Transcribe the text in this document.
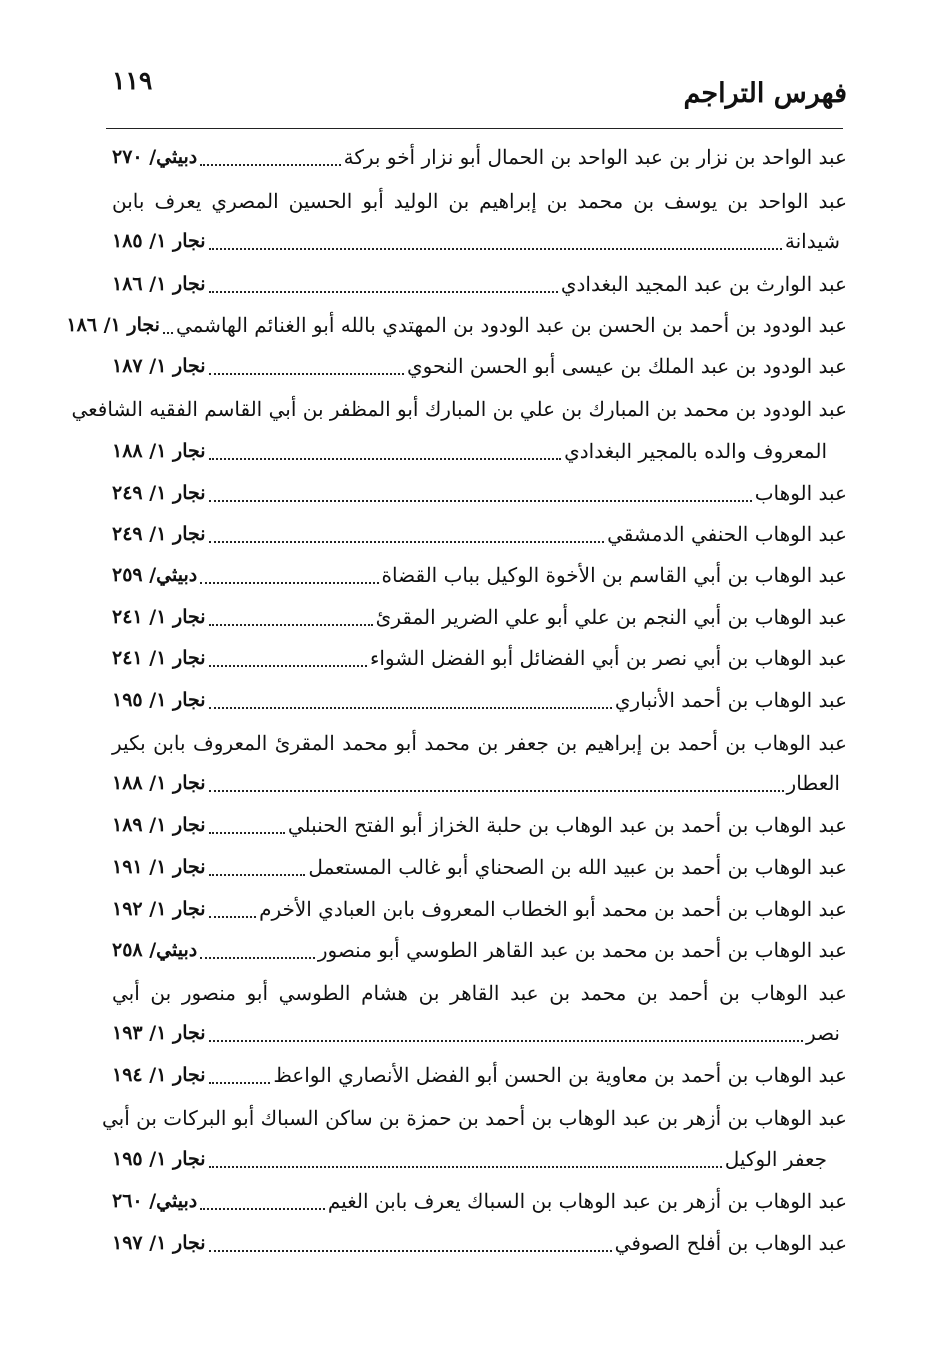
١١٩	فهرس التراجم
عبد الواحد بن نزار بن عبد الواحد بن الحمال أبو نزار أخو بركة
دبيثي/ ٢٧٠
عبد الواحد بن يوسف بن محمد بن إبراهيم بن الوليد أبو الحسين المصري يعرف بابن
شيدانة
نجار ١/ ١٨٥
عبد الوارث بن عبد المجيد البغدادي
نجار ١/ ١٨٦
عبد الودود بن أحمد بن الحسن بن عبد الودود بن المهتدي بالله أبو الغنائم الهاشمي
نجار ١/ ١٨٦
عبد الودود بن عبد الملك بن عيسى أبو الحسن النحوي
نجار ١/ ١٨٧
عبد الودود بن محمد بن المبارك بن علي بن المبارك أبو المظفر بن أبي القاسم الفقيه الشافعي
المعروف والده بالمجير البغدادي
نجار ١/ ١٨٨
عبد الوهاب
نجار ١/ ٢٤٩
عبد الوهاب الحنفي الدمشقي
نجار ١/ ٢٤٩
عبد الوهاب بن أبي القاسم بن الأخوة الوكيل بباب القضاة
دبيثي/ ٢٥٩
عبد الوهاب بن أبي النجم بن علي أبو علي الضرير المقرئ
نجار ١/ ٢٤١
عبد الوهاب بن أبي نصر بن أبي الفضائل أبو الفضل الشواء
نجار ١/ ٢٤١
عبد الوهاب بن أحمد الأنباري
نجار ١/ ١٩٥
عبد الوهاب بن أحمد بن إبراهيم بن جعفر بن محمد أبو محمد المقرئ المعروف بابن بكير
العطار
نجار ١/ ١٨٨
عبد الوهاب بن أحمد بن عبد الوهاب بن حلبة الخزاز أبو الفتح الحنبلي
نجار ١/ ١٨٩
عبد الوهاب بن أحمد بن عبيد الله بن الصحناي أبو غالب المستعمل
نجار ١/ ١٩١
عبد الوهاب بن أحمد بن محمد أبو الخطاب المعروف بابن العبادي الأخرم
نجار ١/ ١٩٢
عبد الوهاب بن أحمد بن محمد بن عبد القاهر الطوسي أبو منصور
دبيثي/ ٢٥٨
عبد الوهاب بن أحمد بن محمد بن عبد القاهر بن هشام الطوسي أبو منصور بن أبي
نصر
نجار ١/ ١٩٣
عبد الوهاب بن أحمد بن معاوية بن الحسن أبو الفضل الأنصاري الواعظ
نجار ١/ ١٩٤
عبد الوهاب بن أزهر بن عبد الوهاب بن أحمد بن حمزة بن ساكن السباك أبو البركات بن أبي
جعفر الوكيل
نجار ١/ ١٩٥
عبد الوهاب بن أزهر بن عبد الوهاب بن السباك يعرف بابن الغيم
دبيثي/ ٢٦٠
عبد الوهاب بن أفلح الصوفي
نجار ١/ ١٩٧
